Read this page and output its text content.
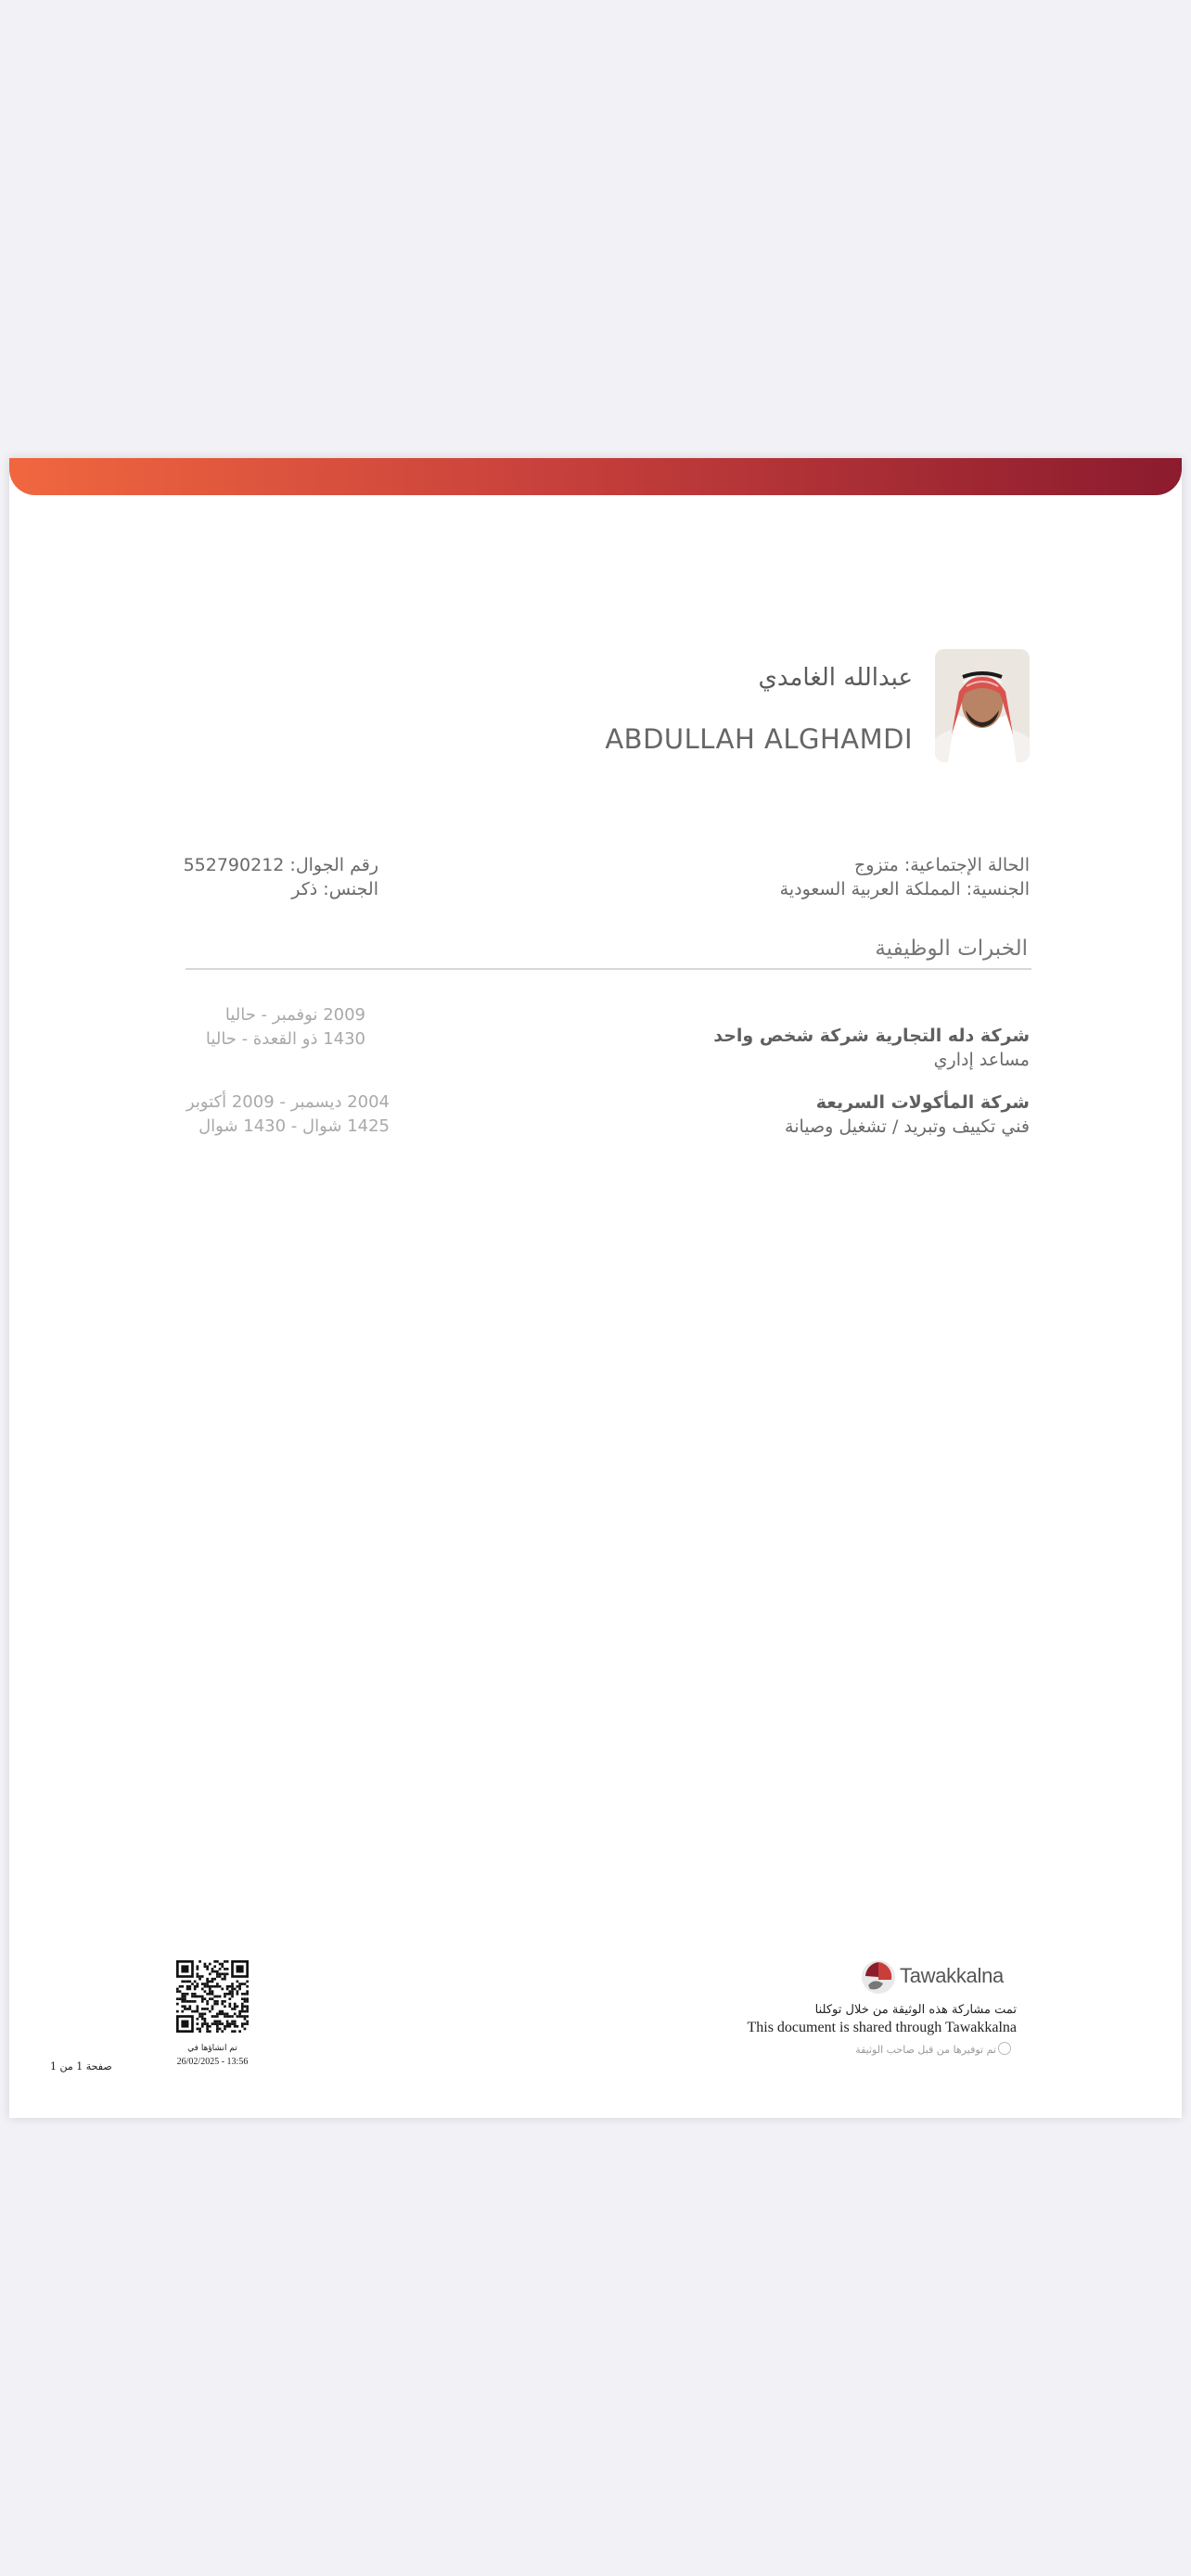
عبدالله الغامدي
ABDULLAH ALGHAMDI
الحالة الإجتماعية: متزوج
الجنسية: المملكة العربية السعودية
رقم الجوال: 552790212
الجنس: ذكر
الخبرات الوظيفية
شركة دله التجارية شركة شخص واحد
مساعد إداري
2009 نوفمبر - حاليا
1430 ذو القعدة - حاليا
شركة المأكولات السريعة
فني تكييف وتبريد / تشغيل وصيانة
2004 ديسمبر - 2009 أكتوبر
1425 شوال - 1430 شوال
Tawakkalna
تمت مشاركة هذه الوثيقة من خلال توكلنا
This document is shared through Tawakkalna
تم توفيرها من قبل صاحب الوثيقة
تم انشاؤها في
26/02/2025 - 13:56
صفحة 1 من 1
